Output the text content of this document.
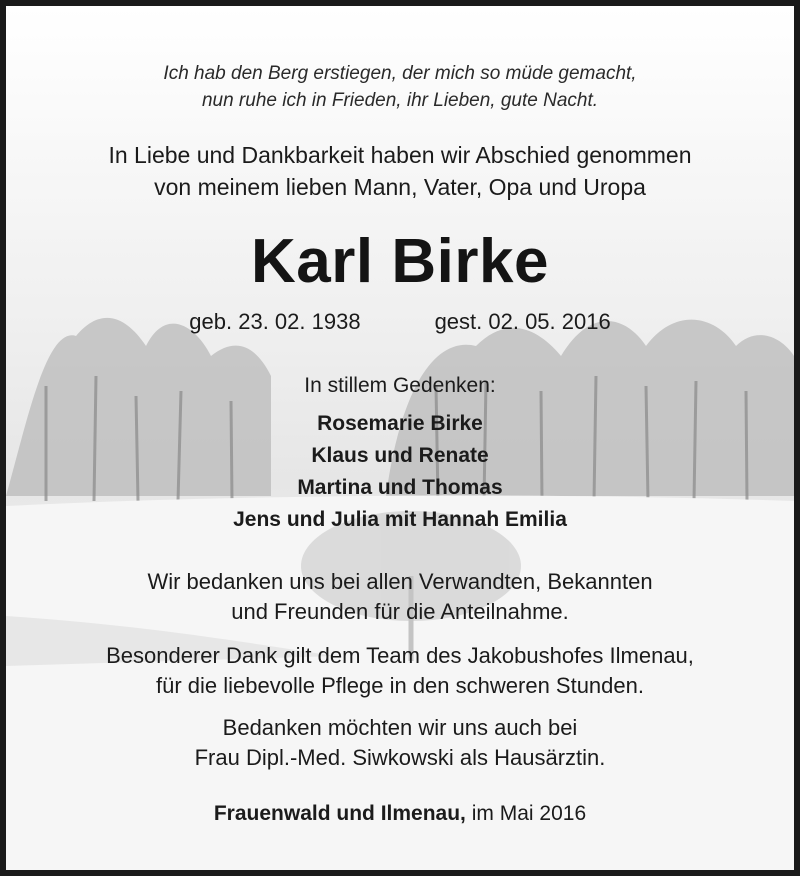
Ich hab den Berg erstiegen, der mich so müde gemacht,
nun ruhe ich in Frieden, ihr Lieben, gute Nacht.
In Liebe und Dankbarkeit haben wir Abschied genommen
von meinem lieben Mann, Vater, Opa und Uropa
Karl Birke
geb. 23. 02. 1938	gest. 02. 05. 2016
In stillem Gedenken:
Rosemarie Birke
Klaus und Renate
Martina und Thomas
Jens und Julia mit Hannah Emilia
Wir bedanken uns bei allen Verwandten, Bekannten
und Freunden für die Anteilnahme.
Besonderer Dank gilt dem Team des Jakobushofes Ilmenau,
für die liebevolle Pflege in den schweren Stunden.
Bedanken möchten wir uns auch bei
Frau Dipl.-Med. Siwkowski als Hausärztin.
Frauenwald und Ilmenau, im Mai 2016
